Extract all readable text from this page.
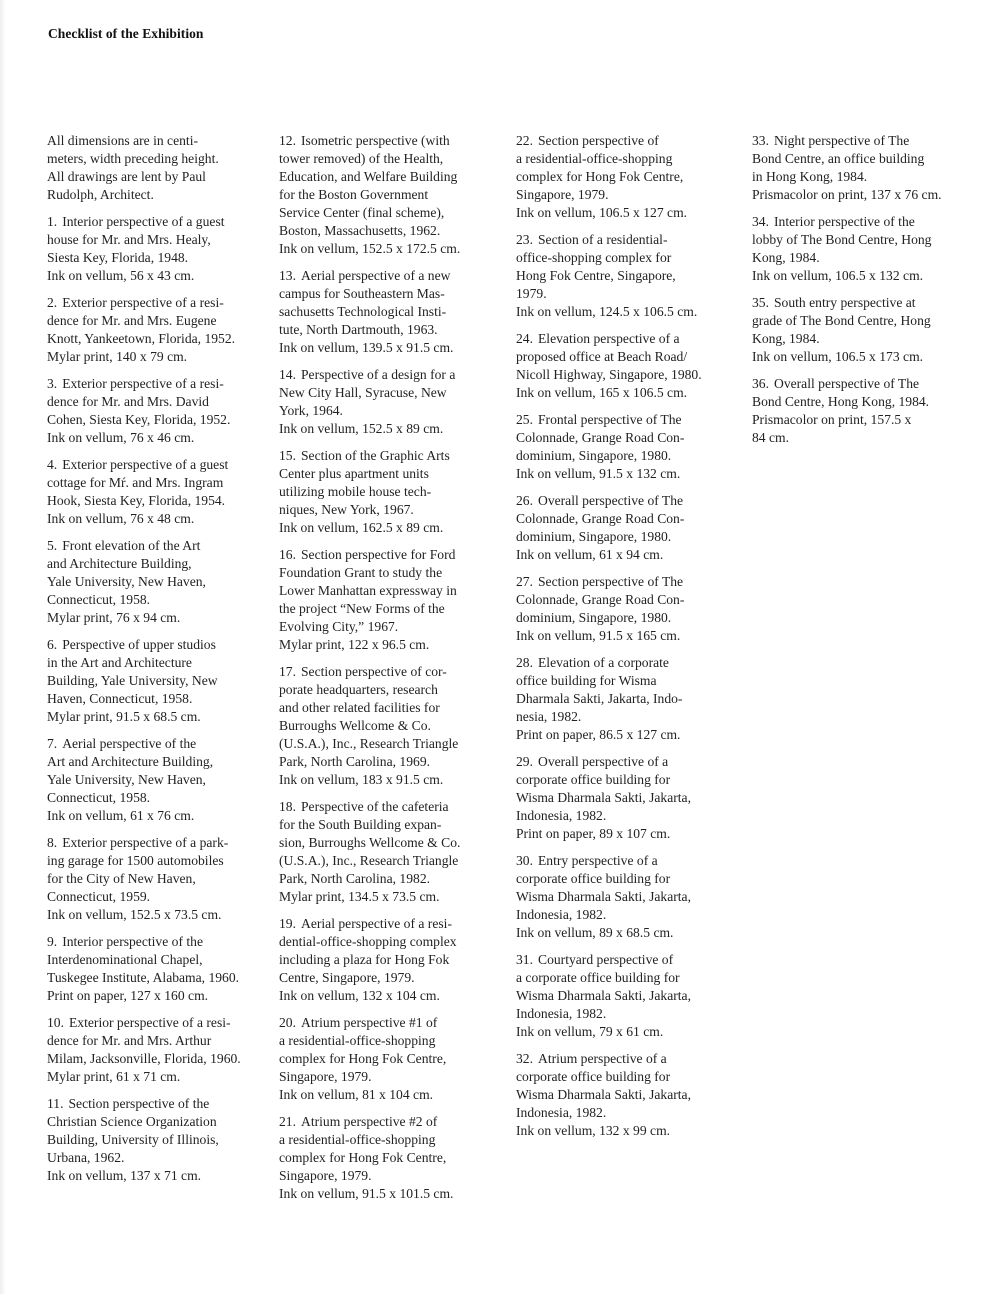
Checklist of the Exhibition
All dimensions are in centi-
meters, width preceding height.
All drawings are lent by Paul
Rudolph, Architect.
1. Interior perspective of a guest
house for Mr. and Mrs. Healy,
Siesta Key, Florida, 1948.
Ink on vellum, 56 x 43 cm.
2. Exterior perspective of a resi-
dence for Mr. and Mrs. Eugene
Knott, Yankeetown, Florida, 1952.
Mylar print, 140 x 79 cm.
3. Exterior perspective of a resi-
dence for Mr. and Mrs. David
Cohen, Siesta Key, Florida, 1952.
Ink on vellum, 76 x 46 cm.
4. Exterior perspective of a guest
cottage for Mŕ. and Mrs. Ingram
Hook, Siesta Key, Florida, 1954.
Ink on vellum, 76 x 48 cm.
5. Front elevation of the Art
and Architecture Building,
Yale University, New Haven,
Connecticut, 1958.
Mylar print, 76 x 94 cm.
6. Perspective of upper studios
in the Art and Architecture
Building, Yale University, New
Haven, Connecticut, 1958.
Mylar print, 91.5 x 68.5 cm.
7. Aerial perspective of the
Art and Architecture Building,
Yale University, New Haven,
Connecticut, 1958.
Ink on vellum, 61 x 76 cm.
8. Exterior perspective of a park-
ing garage for 1500 automobiles
for the City of New Haven,
Connecticut, 1959.
Ink on vellum, 152.5 x 73.5 cm.
9. Interior perspective of the
Interdenominational Chapel,
Tuskegee Institute, Alabama, 1960.
Print on paper, 127 x 160 cm.
10. Exterior perspective of a resi-
dence for Mr. and Mrs. Arthur
Milam, Jacksonville, Florida, 1960.
Mylar print, 61 x 71 cm.
11. Section perspective of the
Christian Science Organization
Building, University of Illinois,
Urbana, 1962.
Ink on vellum, 137 x 71 cm.
12. Isometric perspective (with
tower removed) of the Health,
Education, and Welfare Building
for the Boston Government
Service Center (final scheme),
Boston, Massachusetts, 1962.
Ink on vellum, 152.5 x 172.5 cm.
13. Aerial perspective of a new
campus for Southeastern Mas-
sachusetts Technological Insti-
tute, North Dartmouth, 1963.
Ink on vellum, 139.5 x 91.5 cm.
14. Perspective of a design for a
New City Hall, Syracuse, New
York, 1964.
Ink on vellum, 152.5 x 89 cm.
15. Section of the Graphic Arts
Center plus apartment units
utilizing mobile house tech-
niques, New York, 1967.
Ink on vellum, 162.5 x 89 cm.
16. Section perspective for Ford
Foundation Grant to study the
Lower Manhattan expressway in
the project “New Forms of the
Evolving City,” 1967.
Mylar print, 122 x 96.5 cm.
17. Section perspective of cor-
porate headquarters, research
and other related facilities for
Burroughs Wellcome & Co.
(U.S.A.), Inc., Research Triangle
Park, North Carolina, 1969.
Ink on vellum, 183 x 91.5 cm.
18. Perspective of the cafeteria
for the South Building expan-
sion, Burroughs Wellcome & Co.
(U.S.A.), Inc., Research Triangle
Park, North Carolina, 1982.
Mylar print, 134.5 x 73.5 cm.
19. Aerial perspective of a resi-
dential-office-shopping complex
including a plaza for Hong Fok
Centre, Singapore, 1979.
Ink on vellum, 132 x 104 cm.
20. Atrium perspective #1 of
a residential-office-shopping
complex for Hong Fok Centre,
Singapore, 1979.
Ink on vellum, 81 x 104 cm.
21. Atrium perspective #2 of
a residential-office-shopping
complex for Hong Fok Centre,
Singapore, 1979.
Ink on vellum, 91.5 x 101.5 cm.
22. Section perspective of
a residential-office-shopping
complex for Hong Fok Centre,
Singapore, 1979.
Ink on vellum, 106.5 x 127 cm.
23. Section of a residential-
office-shopping complex for
Hong Fok Centre, Singapore,
1979.
Ink on vellum, 124.5 x 106.5 cm.
24. Elevation perspective of a
proposed office at Beach Road/
Nicoll Highway, Singapore, 1980.
Ink on vellum, 165 x 106.5 cm.
25. Frontal perspective of The
Colonnade, Grange Road Con-
dominium, Singapore, 1980.
Ink on vellum, 91.5 x 132 cm.
26. Overall perspective of The
Colonnade, Grange Road Con-
dominium, Singapore, 1980.
Ink on vellum, 61 x 94 cm.
27. Section perspective of The
Colonnade, Grange Road Con-
dominium, Singapore, 1980.
Ink on vellum, 91.5 x 165 cm.
28. Elevation of a corporate
office building for Wisma
Dharmala Sakti, Jakarta, Indo-
nesia, 1982.
Print on paper, 86.5 x 127 cm.
29. Overall perspective of a
corporate office building for
Wisma Dharmala Sakti, Jakarta,
Indonesia, 1982.
Print on paper, 89 x 107 cm.
30. Entry perspective of a
corporate office building for
Wisma Dharmala Sakti, Jakarta,
Indonesia, 1982.
Ink on vellum, 89 x 68.5 cm.
31. Courtyard perspective of
a corporate office building for
Wisma Dharmala Sakti, Jakarta,
Indonesia, 1982.
Ink on vellum, 79 x 61 cm.
32. Atrium perspective of a
corporate office building for
Wisma Dharmala Sakti, Jakarta,
Indonesia, 1982.
Ink on vellum, 132 x 99 cm.
33. Night perspective of The
Bond Centre, an office building
in Hong Kong, 1984.
Prismacolor on print, 137 x 76 cm.
34. Interior perspective of the
lobby of The Bond Centre, Hong
Kong, 1984.
Ink on vellum, 106.5 x 132 cm.
35. South entry perspective at
grade of The Bond Centre, Hong
Kong, 1984.
Ink on vellum, 106.5 x 173 cm.
36. Overall perspective of The
Bond Centre, Hong Kong, 1984.
Prismacolor on print, 157.5 x
84 cm.
